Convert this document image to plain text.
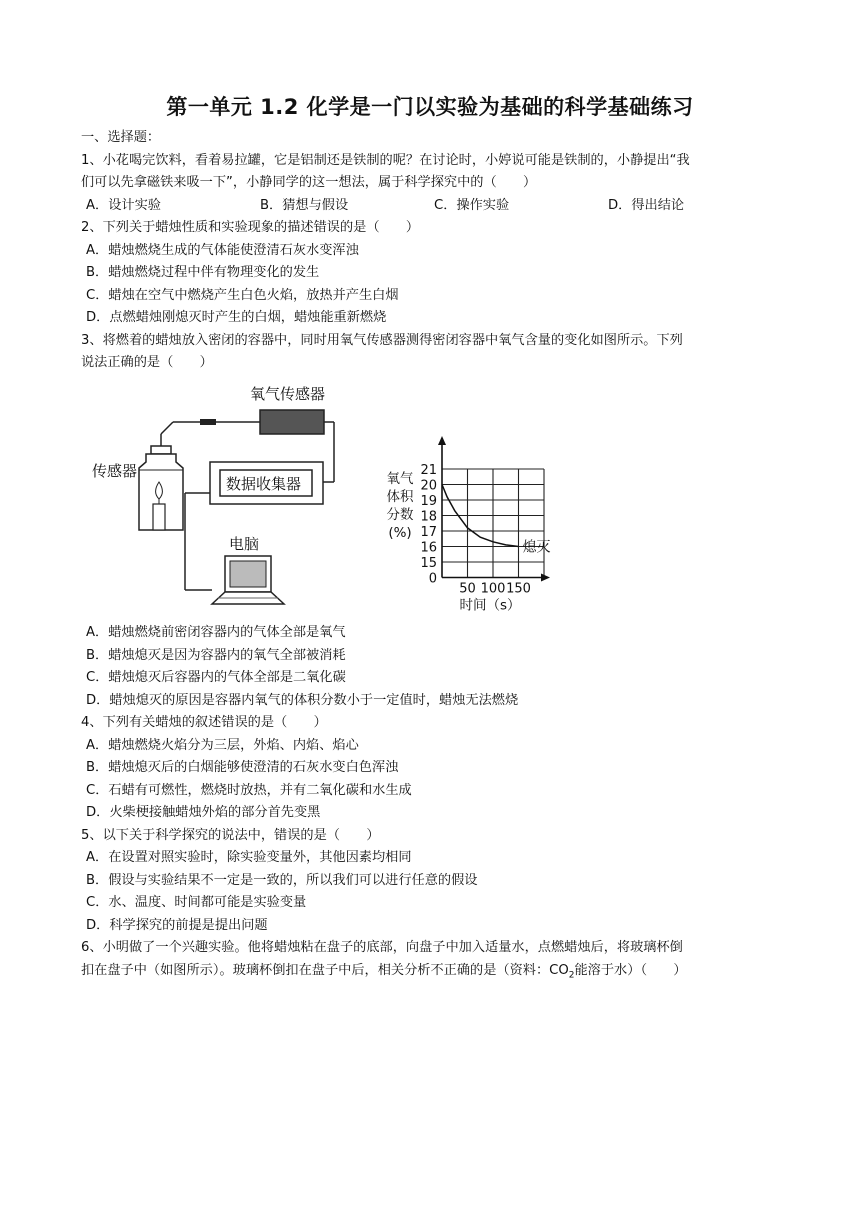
第一单元 1.2 化学是一门以实验为基础的科学基础练习
一、选择题：
1、小花喝完饮料，看着易拉罐，它是铝制还是铁制的呢？在讨论时，小婷说可能是铁制的，小静提出“我
们可以先拿磁铁来吸一下”，小静同学的这一想法，属于科学探究中的（　　）
A．设计实验	B．猜想与假设	C．操作实验	D．得出结论
2、下列关于蜡烛性质和实验现象的描述错误的是（　　）
A．蜡烛燃烧生成的气体能使澄清石灰水变浑浊
B．蜡烛燃烧过程中伴有物理变化的发生
C．蜡烛在空气中燃烧产生白色火焰，放热并产生白烟
D．点燃蜡烛刚熄灭时产生的白烟，蜡烛能重新燃烧
3、将燃着的蜡烛放入密闭的容器中，同时用氧气传感器测得密闭容器中氧气含量的变化如图所示。下列
说法正确的是（　　）
氧气传感器
传感器
数据收集器
电脑
氧气
体积
分数
(%)
0
15
16
17
18
19
20
21
50 100 150
时间（s）
熄灭
A．蜡烛燃烧前密闭容器内的气体全部是氧气
B．蜡烛熄灭是因为容器内的氧气全部被消耗
C．蜡烛熄灭后容器内的气体全部是二氧化碳
D．蜡烛熄灭的原因是容器内氧气的体积分数小于一定值时，蜡烛无法燃烧
4、下列有关蜡烛的叙述错误的是（　　）
A．蜡烛燃烧火焰分为三层，外焰、内焰、焰心
B．蜡烛熄灭后的白烟能够使澄清的石灰水变白色浑浊
C．石蜡有可燃性，燃烧时放热，并有二氧化碳和水生成
D．火柴梗接触蜡烛外焰的部分首先变黑
5、以下关于科学探究的说法中，错误的是（　　）
A．在设置对照实验时，除实验变量外，其他因素均相同
B．假设与实验结果不一定是一致的，所以我们可以进行任意的假设
C．水、温度、时间都可能是实验变量
D．科学探究的前提是提出问题
6、小明做了一个兴趣实验。他将蜡烛粘在盘子的底部，向盘子中加入适量水，点燃蜡烛后，将玻璃杯倒
扣在盘子中（如图所示）。玻璃杯倒扣在盘子中后，相关分析不正确的是（资料：$CO_2$能溶于水）（　　）
